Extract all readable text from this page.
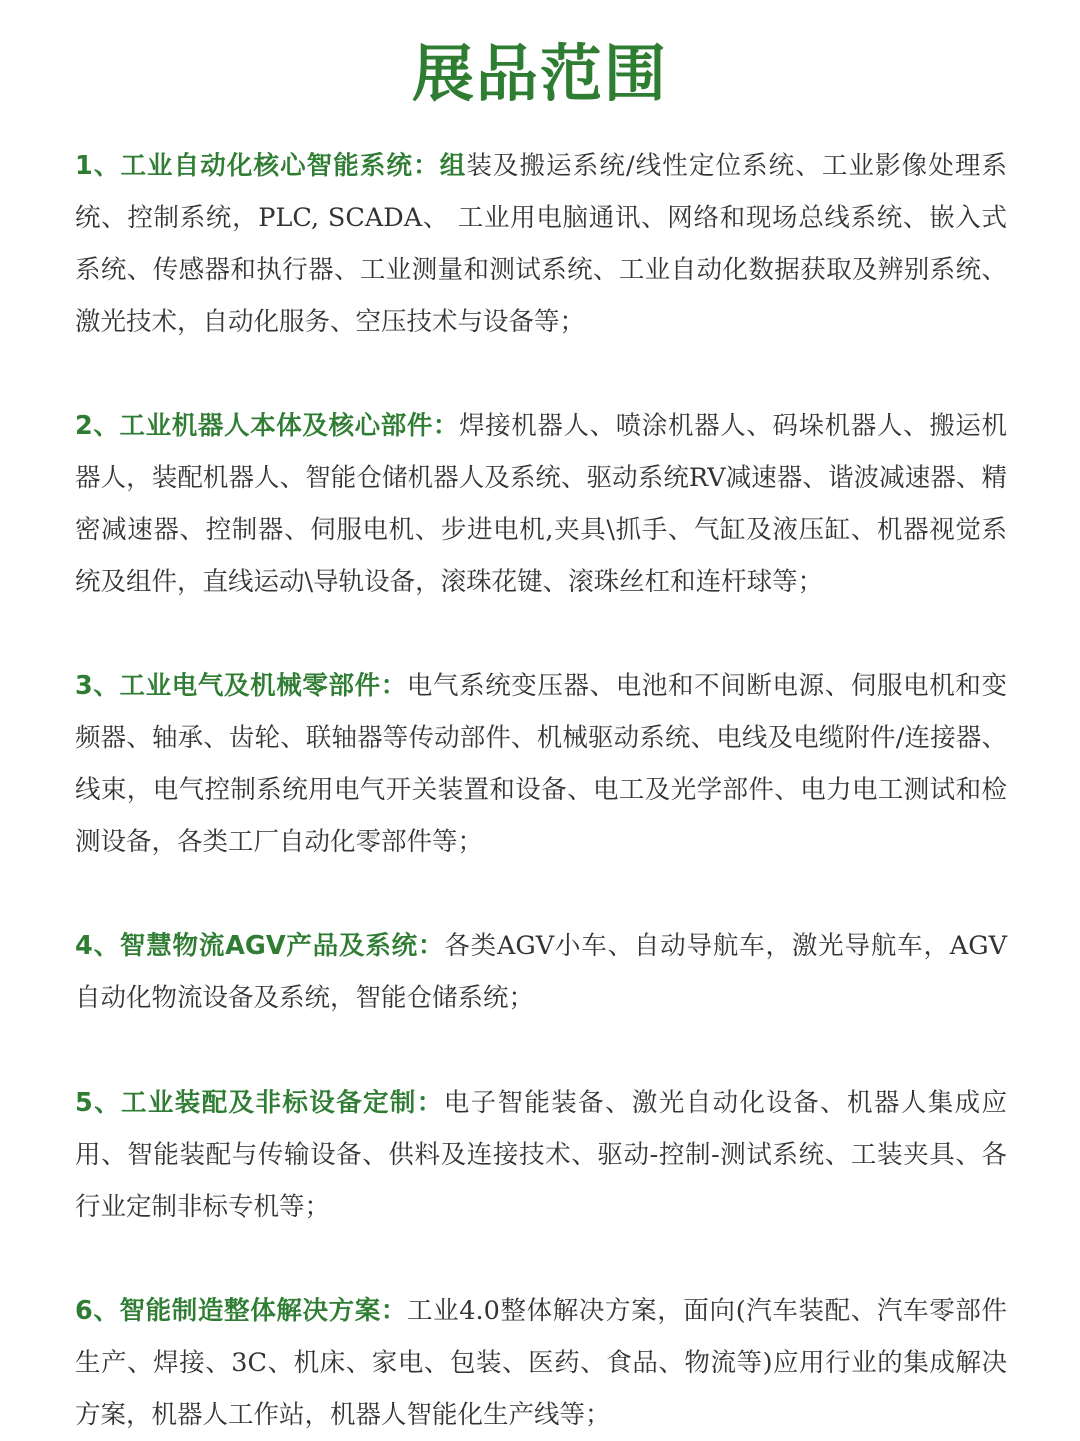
展品范围

1、工业自动化核心智能系统：组装及搬运系统/线性定位系统、工业影像处理系统、控制系统，PLC, SCADA、 工业用电脑通讯、网络和现场总线系统、嵌入式系统、传感器和执行器、工业测量和测试系统、工业自动化数据获取及辨别系统、激光技术，自动化服务、空压技术与设备等；

2、工业机器人本体及核心部件：焊接机器人、喷涂机器人、码垛机器人、搬运机器人，装配机器人、智能仓储机器人及系统、驱动系统RV减速器、谐波减速器、精密减速器、控制器、伺服电机、步进电机,夹具\抓手、气缸及液压缸、机器视觉系统及组件，直线运动\导轨设备，滚珠花键、滚珠丝杠和连杆球等；

3、工业电气及机械零部件：电气系统变压器、电池和不间断电源、伺服电机和变频器、轴承、齿轮、联轴器等传动部件、机械驱动系统、电线及电缆附件/连接器、线束，电气控制系统用电气开关装置和设备、电工及光学部件、电力电工测试和检测设备，各类工厂自动化零部件等；

4、智慧物流AGV产品及系统：各类AGV小车、自动导航车，激光导航车，AGV自动化物流设备及系统，智能仓储系统；

5、工业装配及非标设备定制：电子智能装备、激光自动化设备、机器人集成应用、智能装配与传输设备、供料及连接技术、驱动-控制-测试系统、工装夹具、各行业定制非标专机等；

6、智能制造整体解决方案：工业4.0整体解决方案，面向(汽车装配、汽车零部件生产、焊接、3C、机床、家电、包装、医药、食品、物流等)应用行业的集成解决方案，机器人工作站，机器人智能化生产线等；
